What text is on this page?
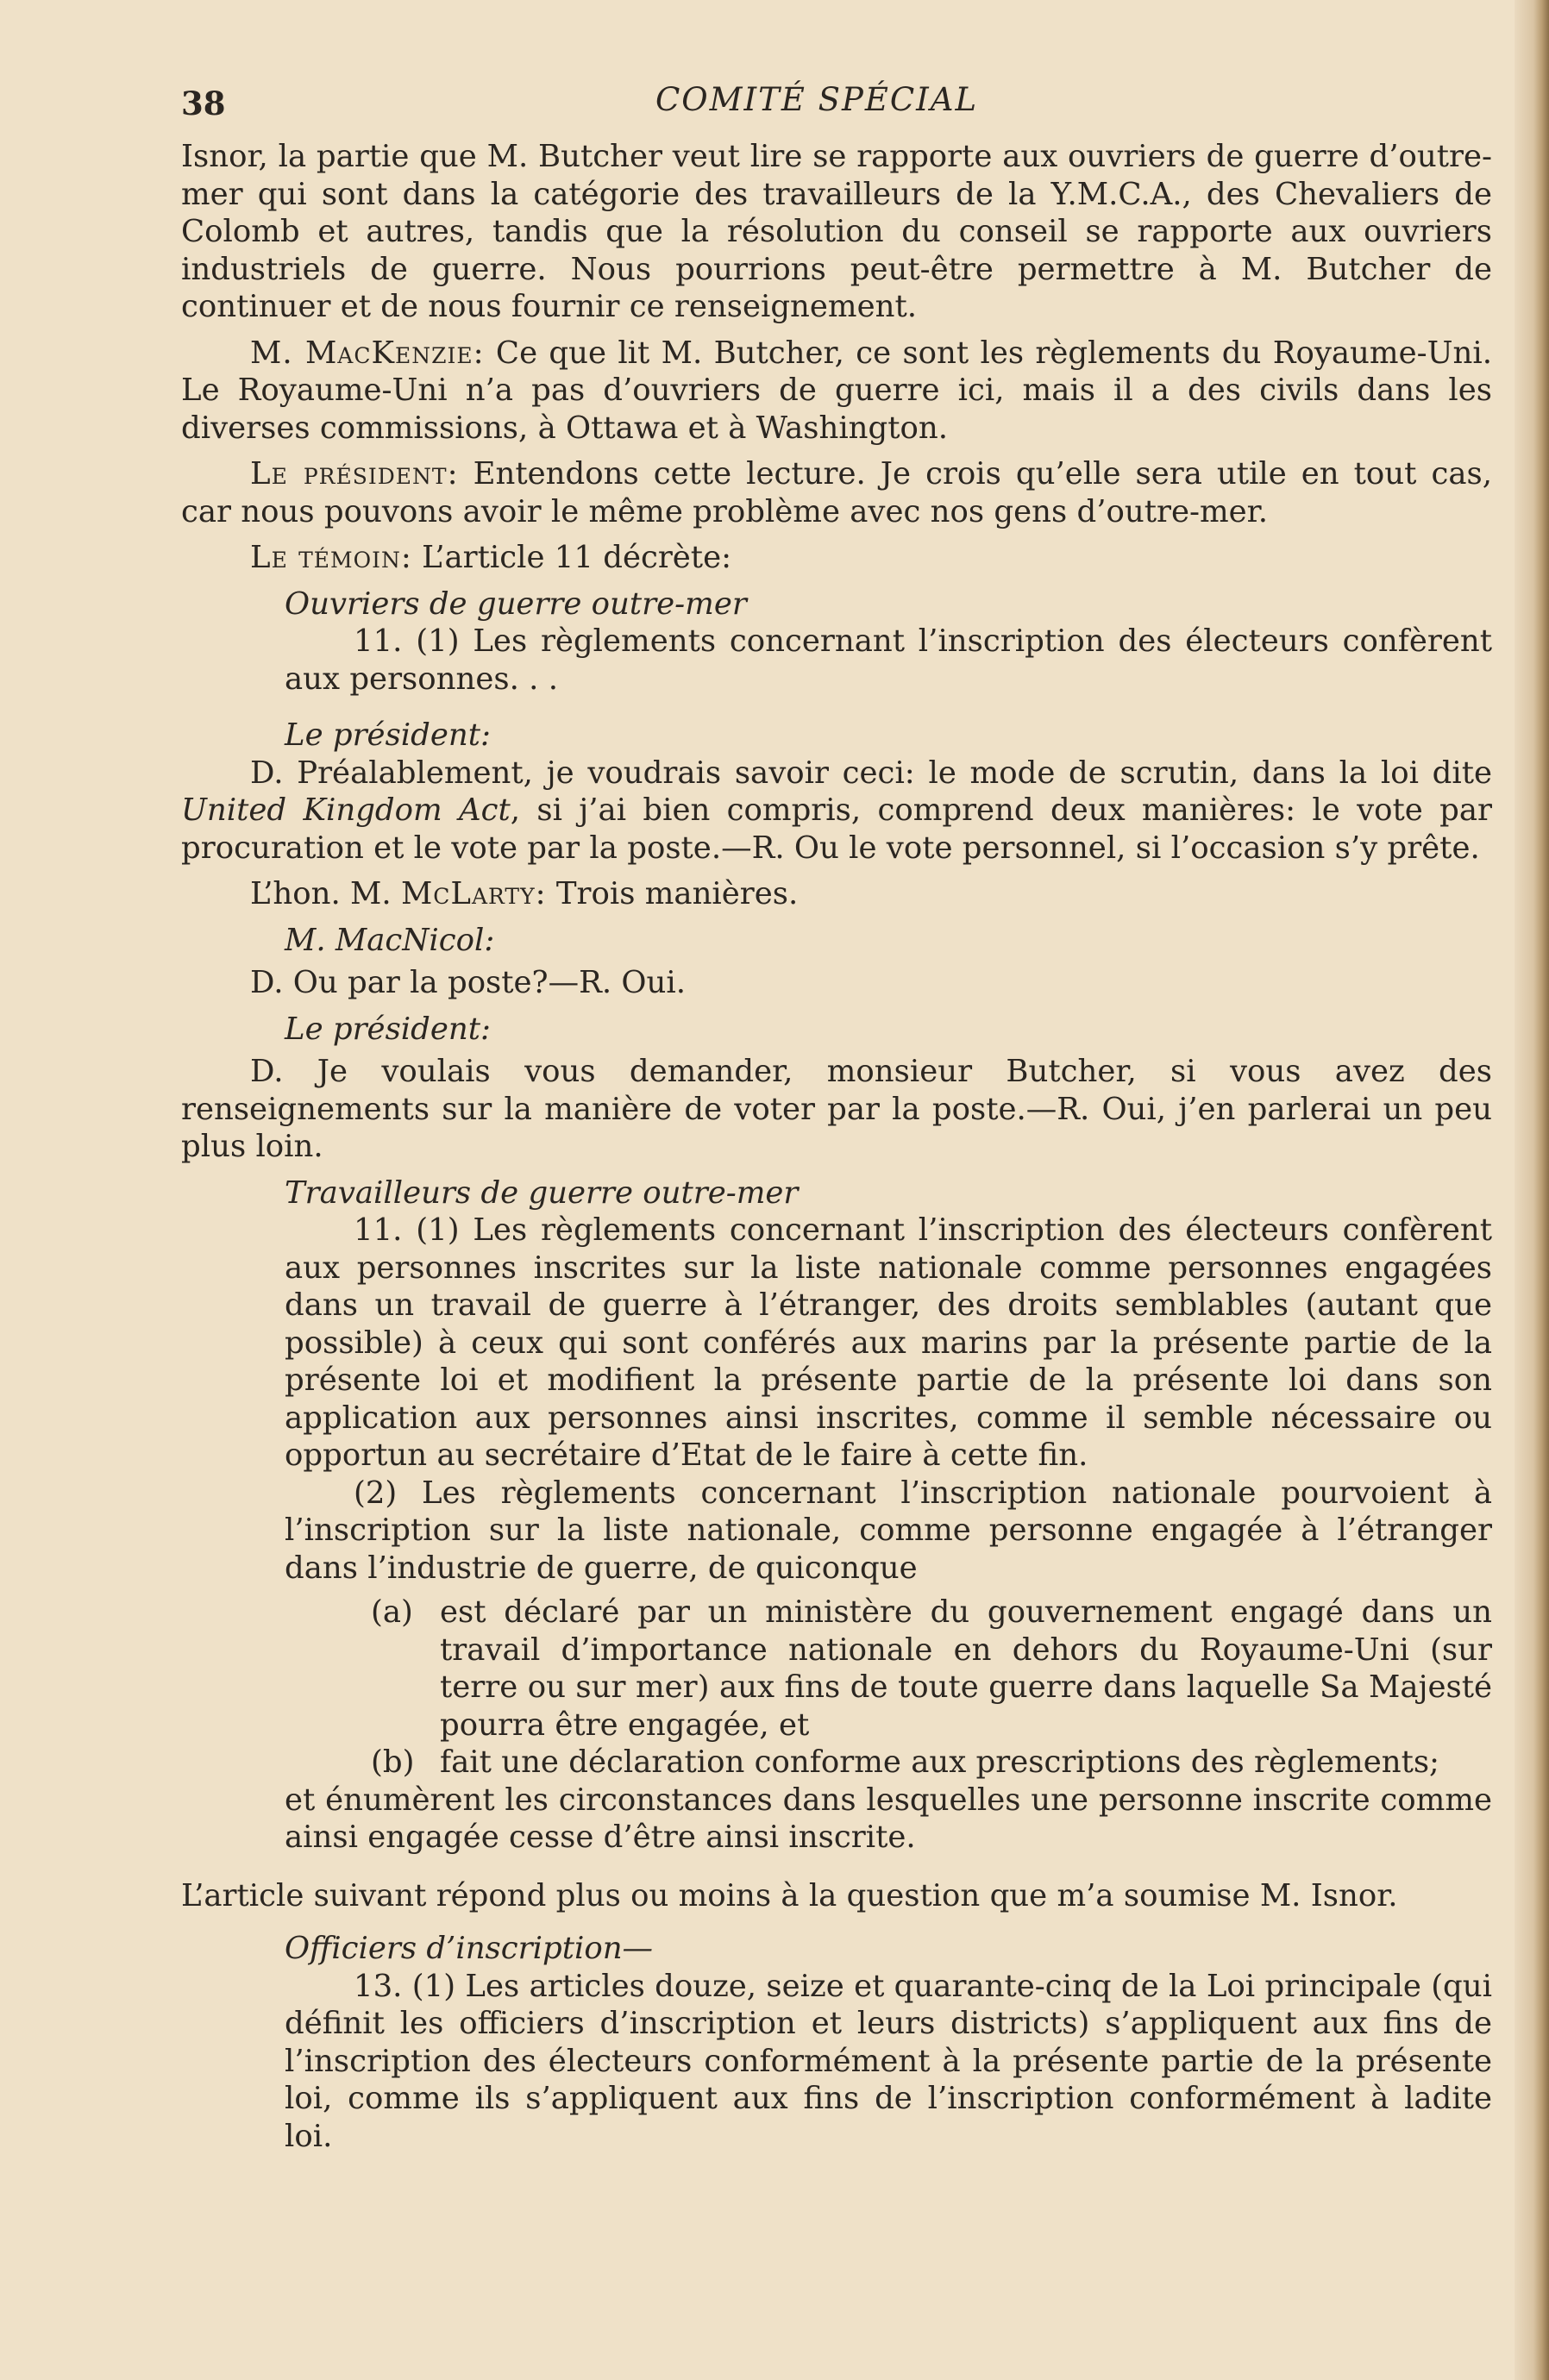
38	COMITÉ SPÉCIAL

Isnor, la partie que M. Butcher veut lire se rapporte aux ouvriers de guerre d’outre-mer qui sont dans la catégorie des travailleurs de la Y.M.C.A., des Chevaliers de Colomb et autres, tandis que la résolution du conseil se rapporte aux ouvriers industriels de guerre. Nous pourrions peut-être permettre à M. Butcher de continuer et de nous fournir ce renseignement.

M. MacKenzie: Ce que lit M. Butcher, ce sont les règlements du Royaume-Uni. Le Royaume-Uni n’a pas d’ouvriers de guerre ici, mais il a des civils dans les diverses commissions, à Ottawa et à Washington.

Le président: Entendons cette lecture. Je crois qu’elle sera utile en tout cas, car nous pouvons avoir le même problème avec nos gens d’outre-mer.

Le témoin: L’article 11 décrète:

Ouvriers de guerre outre-mer

11. (1) Les règlements concernant l’inscription des électeurs confèrent aux personnes. . .

Le président:

D. Préalablement, je voudrais savoir ceci: le mode de scrutin, dans la loi dite United Kingdom Act, si j’ai bien compris, comprend deux manières: le vote par procuration et le vote par la poste.—R. Ou le vote personnel, si l’occasion s’y prête.

L’hon. M. McLarty: Trois manières.

M. MacNicol:

D. Ou par la poste?—R. Oui.

Le président:

D. Je voulais vous demander, monsieur Butcher, si vous avez des renseignements sur la manière de voter par la poste.—R. Oui, j’en parlerai un peu plus loin.

Travailleurs de guerre outre-mer

11. (1) Les règlements concernant l’inscription des électeurs confèrent aux personnes inscrites sur la liste nationale comme personnes engagées dans un travail de guerre à l’étranger, des droits semblables (autant que possible) à ceux qui sont conférés aux marins par la présente partie de la présente loi et modifient la présente partie de la présente loi dans son application aux personnes ainsi inscrites, comme il semble nécessaire ou opportun au secrétaire d’Etat de le faire à cette fin.

(2) Les règlements concernant l’inscription nationale pourvoient à l’inscription sur la liste nationale, comme personne engagée à l’étranger dans l’industrie de guerre, de quiconque

(a) est déclaré par un ministère du gouvernement engagé dans un travail d’importance nationale en dehors du Royaume-Uni (sur terre ou sur mer) aux fins de toute guerre dans laquelle Sa Majesté pourra être engagée, et

(b) fait une déclaration conforme aux prescriptions des règlements;

et énumèrent les circonstances dans lesquelles une personne inscrite comme ainsi engagée cesse d’être ainsi inscrite.

L’article suivant répond plus ou moins à la question que m’a soumise M. Isnor.

Officiers d’inscription—

13. (1) Les articles douze, seize et quarante-cinq de la Loi principale (qui définit les officiers d’inscription et leurs districts) s’appliquent aux fins de l’inscription des électeurs conformément à la présente partie de la présente loi, comme ils s’appliquent aux fins de l’inscription conformément à ladite loi.
